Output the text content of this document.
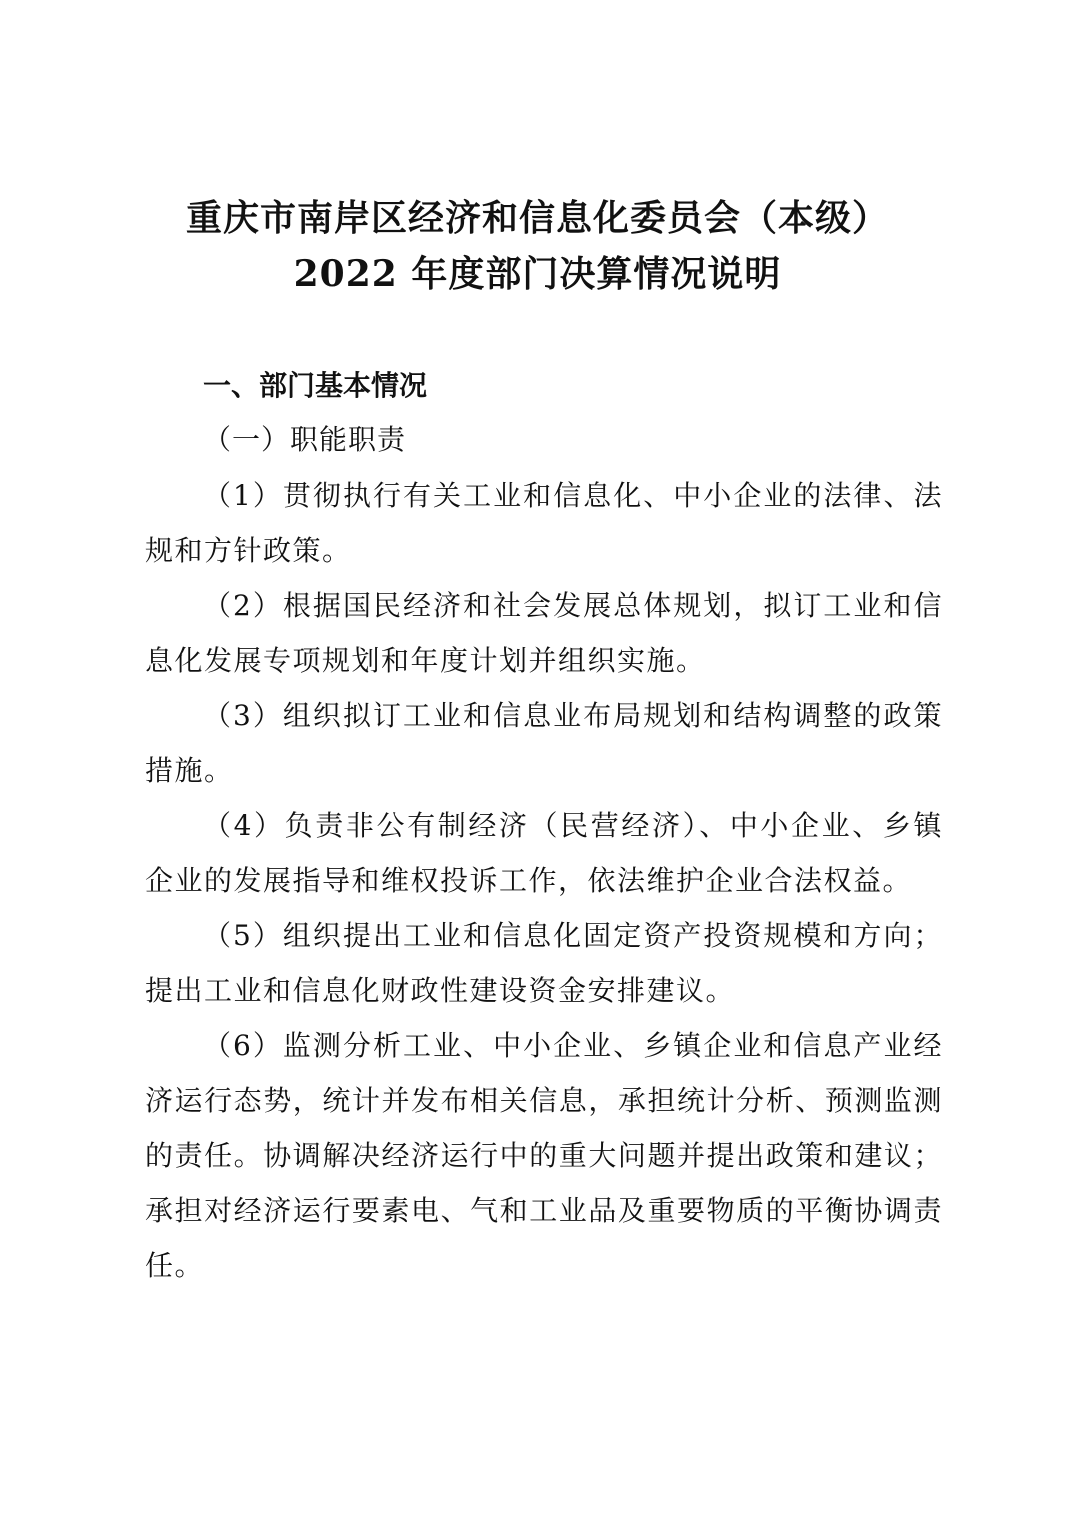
重庆市南岸区经济和信息化委员会（本级）
2022 年度部门决算情况说明
一、部门基本情况
（一）职能职责

（1）贯彻执行有关工业和信息化、中小企业的法律、法规和方针政策。

（2）根据国民经济和社会发展总体规划，拟订工业和信息化发展专项规划和年度计划并组织实施。

（3）组织拟订工业和信息业布局规划和结构调整的政策措施。

（4）负责非公有制经济（民营经济）、中小企业、乡镇企业的发展指导和维权投诉工作，依法维护企业合法权益。

（5）组织提出工业和信息化固定资产投资规模和方向；提出工业和信息化财政性建设资金安排建议。

（6）监测分析工业、中小企业、乡镇企业和信息产业经济运行态势，统计并发布相关信息，承担统计分析、预测监测的责任。协调解决经济运行中的重大问题并提出政策和建议；承担对经济运行要素电、气和工业品及重要物质的平衡协调责任。
